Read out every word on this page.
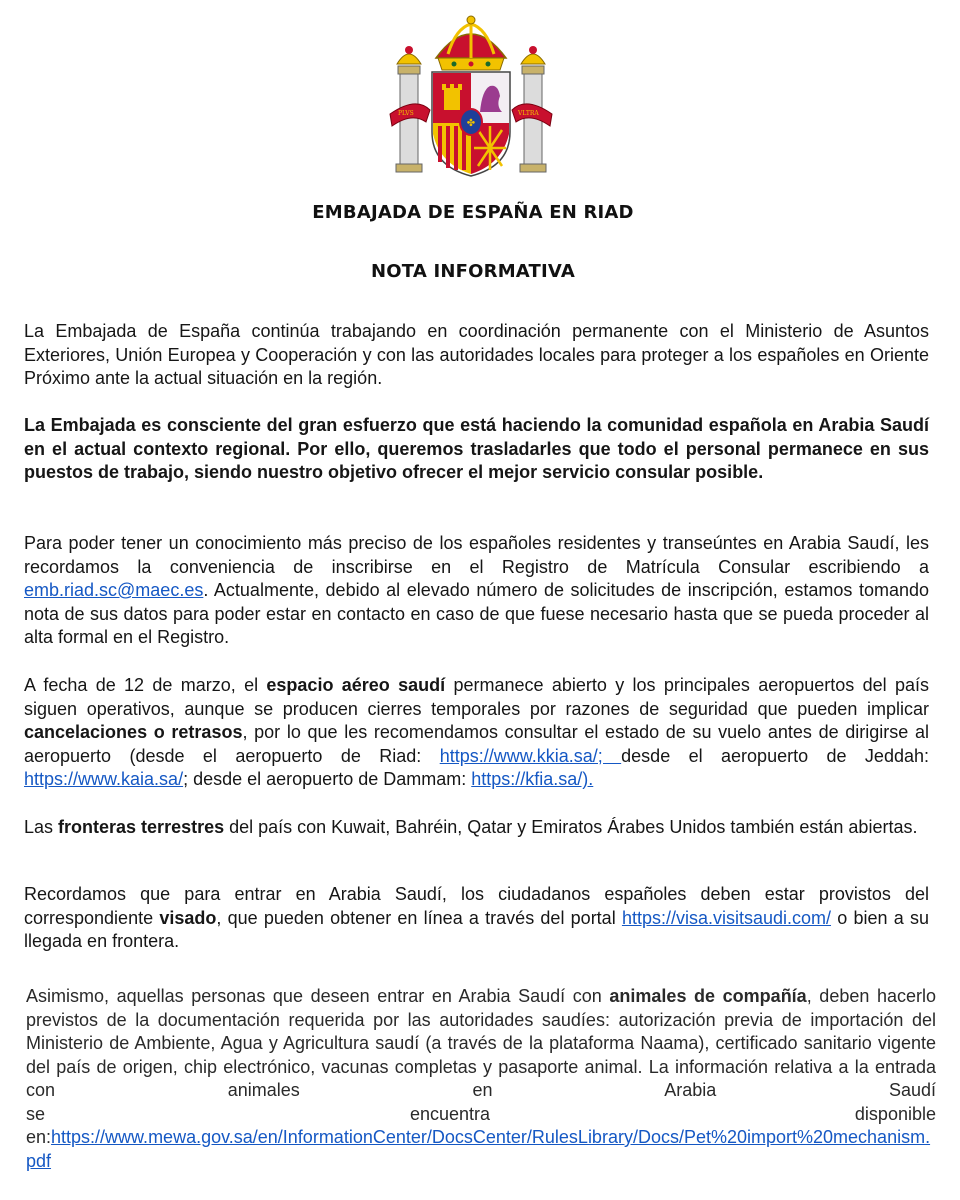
PLVS	VLTRA
✤
EMBAJADA DE ESPAÑA EN RIAD
NOTA INFORMATIVA

La Embajada de España continúa trabajando en coordinación permanente con el Ministerio de Asuntos Exteriores, Unión Europea y Cooperación y con las autoridades locales para proteger a los españoles en Oriente Próximo ante la actual situación en la región.

La Embajada es consciente del gran esfuerzo que está haciendo la comunidad española en Arabia Saudí en el actual contexto regional. Por ello, queremos trasladarles que todo el personal permanece en sus puestos de trabajo, siendo nuestro objetivo ofrecer el mejor servicio consular posible.

Para poder tener un conocimiento más preciso de los españoles residentes y transeúntes en Arabia Saudí, les recordamos la conveniencia de inscribirse en el Registro de Matrícula Consular escribiendo a emb.riad.sc@maec.es. Actualmente, debido al elevado número de solicitudes de inscripción, estamos tomando nota de sus datos para poder estar en contacto en caso de que fuese necesario hasta que se pueda proceder al alta formal en el Registro.

A fecha de 12 de marzo, el espacio aéreo saudí permanece abierto y los principales aeropuertos del país siguen operativos, aunque se producen cierres temporales por razones de seguridad que pueden implicar cancelaciones o retrasos, por lo que les recomendamos consultar el estado de su vuelo antes de dirigirse al aeropuerto (desde el aeropuerto de Riad: https://www.kkia.sa/; desde el aeropuerto de Jeddah: https://www.kaia.sa/; desde el aeropuerto de Dammam: https://kfia.sa/).

Las fronteras terrestres del país con Kuwait, Bahréin, Qatar y Emiratos Árabes Unidos también están abiertas.

Recordamos que para entrar en Arabia Saudí, los ciudadanos españoles deben estar provistos del correspondiente visado, que pueden obtener en línea a través del portal https://visa.visitsaudi.com/ o bien a su llegada en frontera.

Asimismo, aquellas personas que deseen entrar en Arabia Saudí con animales de compañía, deben hacerlo previstos de la documentación requerida por las autoridades saudíes: autorización previa de importación del Ministerio de Ambiente, Agua y Agricultura saudí (a través de la plataforma Naama), certificado sanitario vigente del país de origen, chip electrónico, vacunas completas y pasaporte animal. La información relativa a la entrada con animales en Arabia Saudí
se	encuentra	disponible
en:https://www.mewa.gov.sa/en/InformationCenter/DocsCenter/RulesLibrary/Docs/Pet%20import%20mechanism.pdf
